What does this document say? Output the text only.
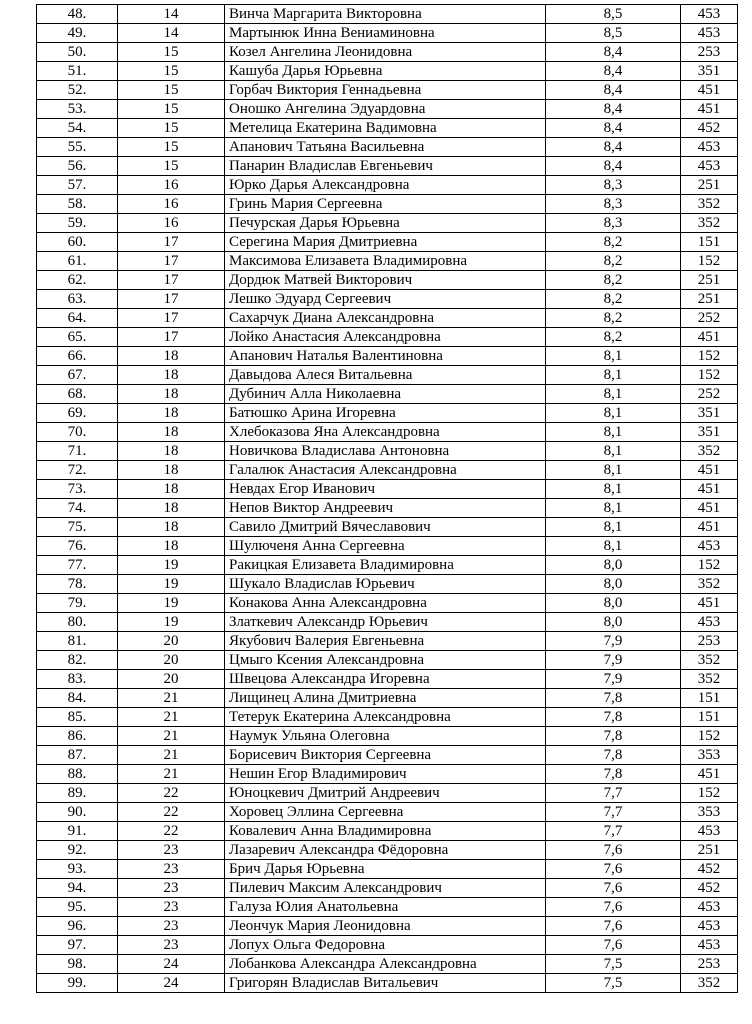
48.	14	Винча Маргарита Викторовна	8,5	453
49.	14	Мартынюк Инна Вениаминовна	8,5	453
50.	15	Козел Ангелина Леонидовна	8,4	253
51.	15	Кашуба Дарья Юрьевна	8,4	351
52.	15	Горбач Виктория Геннадьевна	8,4	451
53.	15	Оношко Ангелина Эдуардовна	8,4	451
54.	15	Метелица Екатерина Вадимовна	8,4	452
55.	15	Апанович Татьяна Васильевна	8,4	453
56.	15	Панарин Владислав Евгеньевич	8,4	453
57.	16	Юрко Дарья Александровна	8,3	251
58.	16	Гринь Мария Сергеевна	8,3	352
59.	16	Печурская Дарья Юрьевна	8,3	352
60.	17	Серегина Мария Дмитриевна	8,2	151
61.	17	Максимова Елизавета Владимировна	8,2	152
62.	17	Дордюк Матвей Викторович	8,2	251
63.	17	Лешко Эдуард Сергеевич	8,2	251
64.	17	Сахарчук Диана Александровна	8,2	252
65.	17	Лойко Анастасия Александровна	8,2	451
66.	18	Апанович Наталья Валентиновна	8,1	152
67.	18	Давыдова Алеся Витальевна	8,1	152
68.	18	Дубинич Алла Николаевна	8,1	252
69.	18	Батюшко Арина Игоревна	8,1	351
70.	18	Хлебоказова Яна Александровна	8,1	351
71.	18	Новичкова Владислава Антоновна	8,1	352
72.	18	Галалюк Анастасия Александровна	8,1	451
73.	18	Невдах Егор Иванович	8,1	451
74.	18	Непов Виктор Андреевич	8,1	451
75.	18	Савило Дмитрий Вячеславович	8,1	451
76.	18	Шулюченя Анна Сергеевна	8,1	453
77.	19	Ракицкая Елизавета Владимировна	8,0	152
78.	19	Шукало Владислав Юрьевич	8,0	352
79.	19	Конакова Анна Александровна	8,0	451
80.	19	Златкевич Александр Юрьевич	8,0	453
81.	20	Якубович Валерия Евгеньевна	7,9	253
82.	20	Цмыго Ксения Александровна	7,9	352
83.	20	Швецова Александра Игоревна	7,9	352
84.	21	Лищинец Алина Дмитриевна	7,8	151
85.	21	Тетерук Екатерина Александровна	7,8	151
86.	21	Наумук Ульяна Олеговна	7,8	152
87.	21	Борисевич Виктория Сергеевна	7,8	353
88.	21	Нешин Егор Владимирович	7,8	451
89.	22	Юноцкевич Дмитрий Андреевич	7,7	152
90.	22	Хоровец Эллина Сергеевна	7,7	353
91.	22	Ковалевич Анна Владимировна	7,7	453
92.	23	Лазаревич Александра Фёдоровна	7,6	251
93.	23	Брич Дарья Юрьевна	7,6	452
94.	23	Пилевич Максим Александрович	7,6	452
95.	23	Галуза Юлия Анатольевна	7,6	453
96.	23	Леончук Мария Леонидовна	7,6	453
97.	23	Лопух Ольга Федоровна	7,6	453
98.	24	Лобанкова Александра Александровна	7,5	253
99.	24	Григорян Владислав Витальевич	7,5	352
